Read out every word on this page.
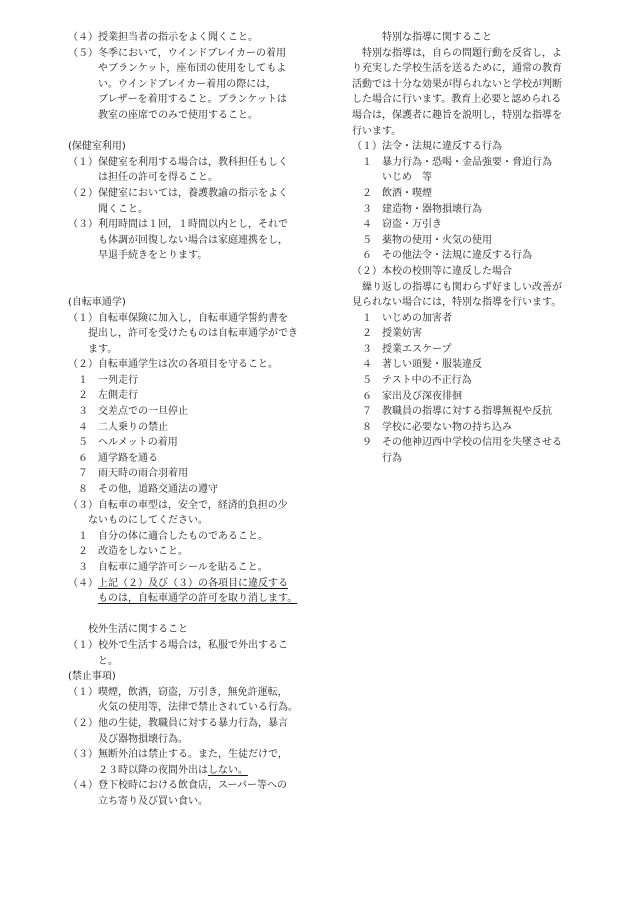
（４）授業担当者の指示をよく聞くこと。
（５）冬季において，ウインドブレイカーの着用
　　　やブランケット，座布団の使用をしてもよ
　　　い。ウインドブレイカー着用の際には，
　　　ブレザーを着用すること。ブランケットは
　　　教室の座席でのみで使用すること。
(保健室利用)
（１）保健室を利用する場合は，教科担任もしく
　　　は担任の許可を得ること。
（２）保健室においては，養護教諭の指示をよく
　　　聞くこと。
（３）利用時間は１回，１時間以内とし，それで
　　　も体調が回復しない場合は家庭連携をし，
　　　早退手続きをとります。
(自転車通学)
（１）自転車保険に加入し，自転車通学誓約書を
　　提出し，許可を受けたものは自転車通学ができ
　　ます。
（２）自転車通学生は次の各項目を守ること。
　１　一列走行
　２　左側走行
　３　交差点での一旦停止
　４　二人乗りの禁止
　５　ヘルメットの着用
　６　通学路を通る
　７　雨天時の雨合羽着用
　８　その他，道路交通法の遵守
（３）自転車の車型は，安全で，経済的負担の少
　　ないものにしてください。
　１　自分の体に適合したものであること。
　２　改造をしないこと。
　３　自転車に通学許可シールを貼ること。
（４）上記（２）及び（３）の各項目に違反する
　　　ものは，自転車通学の許可を取り消します。
　　校外生活に関すること
（１）校外で生活する場合は，私服で外出するこ
　　　と。
(禁止事項)
（１）喫煙，飲酒，窃盗，万引き，無免許運転，
　　　火気の使用等，法律で禁止されている行為。
（２）他の生徒，教職員に対する暴力行為，暴言
　　　及び器物損壊行為。
（３）無断外泊は禁止する。また，生徒だけで，
　　　２３時以降の夜間外出はしない。
（４）登下校時における飲食店，スーパー等への
　　　立ち寄り及び買い食い。
　　　特別な指導に関すること
　特別な指導は，自らの問題行動を反省し，よ
り充実した学校生活を送るために，通常の教育
活動では十分な効果が得られないと学校が判断
した場合に行います。教育上必要と認められる
場合は，保護者に趣旨を説明し，特別な指導を
行います。
（１）法令・法規に違反する行為
　１　暴力行為・恐喝・金品強要・脅迫行為
　　　いじめ　等
　２　飲酒・喫煙
　３　建造物・器物損壊行為
　４　窃盗・万引き
　５　薬物の使用・火気の使用
　６　その他法令・法規に違反する行為
（２）本校の校則等に違反した場合
　繰り返しの指導にも関わらず好ましい改善が
見られない場合には，特別な指導を行います。
　１　いじめの加害者
　２　授業妨害
　３　授業エスケープ
　４　著しい頭髪・服装違反
　５　テスト中の不正行為
　６　家出及び深夜徘徊
　７　教職員の指導に対する指導無視や反抗
　８　学校に必要ない物の持ち込み
　９　その他神辺西中学校の信用を失墜させる
　　　行為
